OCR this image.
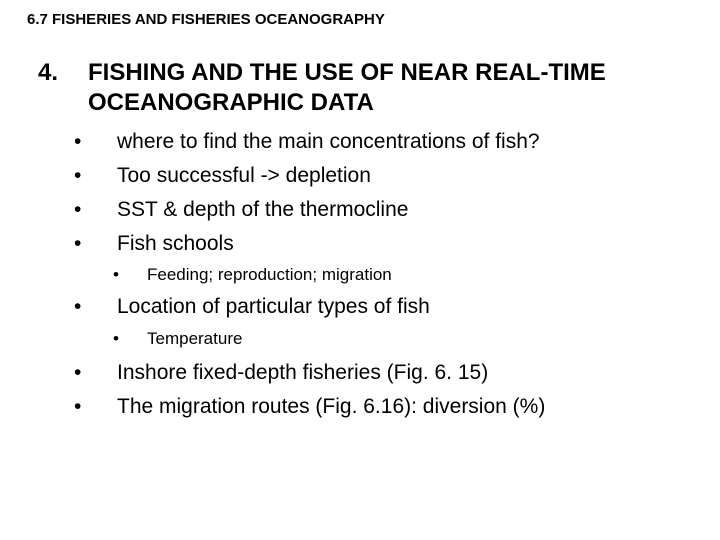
6.7 FISHERIES AND FISHERIES OCEANOGRAPHY
4. FISHING AND THE USE OF NEAR REAL-TIME OCEANOGRAPHIC DATA
• where to find the main concentrations of fish?
• Too successful -> depletion
• SST & depth of the thermocline
• Fish schools
• Feeding; reproduction; migration
• Location of particular types of fish
• Temperature
• Inshore fixed-depth fisheries (Fig. 6. 15)
• The migration routes (Fig. 6.16): diversion (%)
